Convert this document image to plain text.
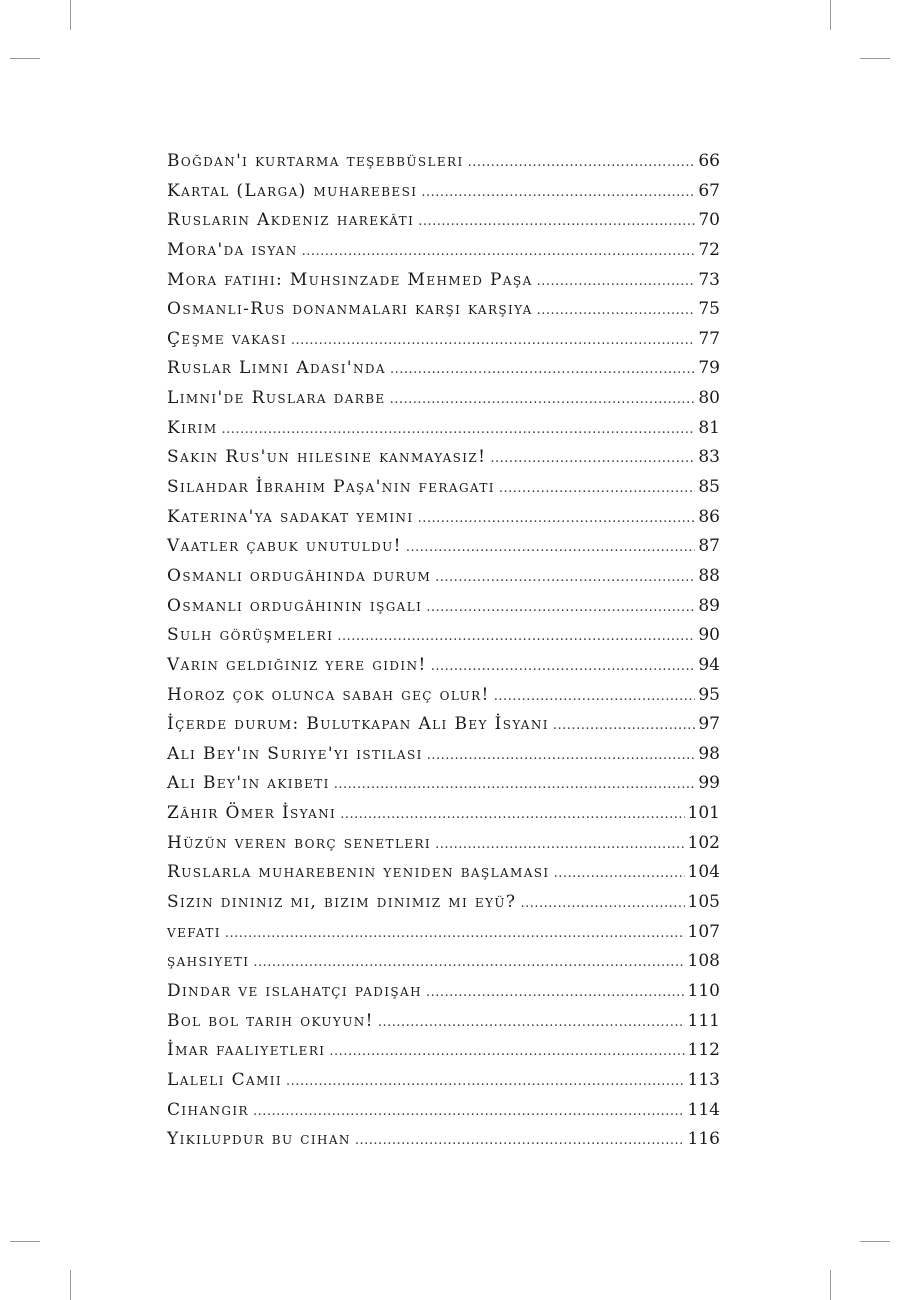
Boğdan'ı kurtarma teşebbüsleri .....	66
Kartal (Larga) muharebesi .....	67
Rusların Akdeniz harekâtı .....	70
Mora'da isyan .....	72
Mora fatihi: Muhsinzade Mehmed Paşa .....	73
Osmanlı-Rus donanmaları karşı karşıya .....	75
Çeşme vakası .....	77
Ruslar Limni Adası'nda .....	79
Limni'de Ruslara darbe .....	80
Kırım .....	81
Sakın Rus'un hilesine kanmayasız! .....	83
Silahdar İbrahim Paşa'nın feragati .....	85
Katerina'ya sadakat yemini .....	86
Vaatler çabuk unutuldu! .....	87
Osmanlı ordugâhında durum .....	88
Osmanlı ordugâhının işgali .....	89
Sulh görüşmeleri .....	90
Varın geldiğiniz yere gidin! .....	94
Horoz çok olunca sabah geç olur! .....	95
İçerde durum: Bulutkapan Ali Bey İsyanı .....	97
Ali Bey'in Suriye'yi istilası .....	98
Ali Bey'in akıbeti .....	99
Zâhir Ömer İsyanı .....	101
Hüzün veren borç senetleri .....	102
Ruslarla muharebenin yeniden başlaması .....	104
Sizin dininiz mi, bizim dinimiz mi eyü? .....	105
vefatı .....	107
şahsiyeti .....	108
Dindar ve ıslahatçı padişah .....	110
Bol bol tarih okuyun! .....	111
İmar faaliyetleri .....	112
Laleli Camii .....	113
Cihangir .....	114
Yıkılupdur bu cihan .....	116
